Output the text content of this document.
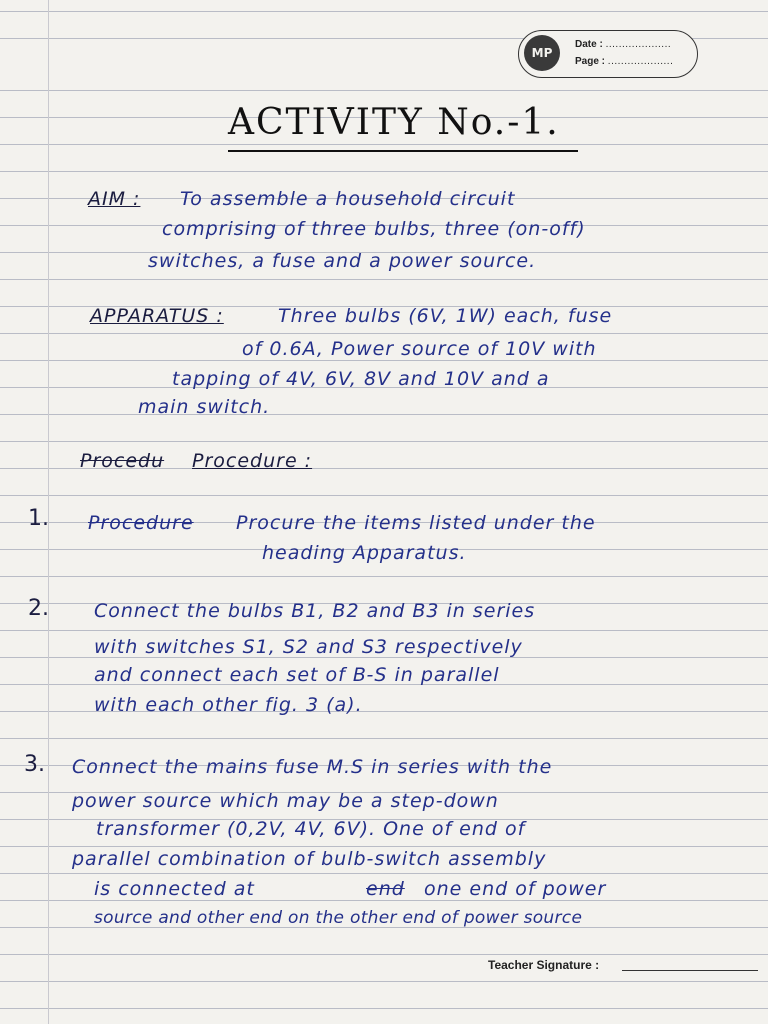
MP
Date : ....................
Page : ....................
ACTIVITY No.-1.
AIM : To assemble a household circuit
comprising of three bulbs, three (on-off)
switches, a fuse and a power source.
APPARATUS :	Three bulbs (6V, 1W) each, fuse
of 0.6A, Power source of 10V with
tapping of 4V, 6V, 8V and 10V and a
main switch.
Procedu Procedure :
1. Procedure Procure the items listed under the
heading Apparatus.
2. Connect the bulbs B1, B2 and B3 in series
with switches S1, S2 and S3 respectively
and connect each set of B-S in parallel
with each other fig. 3 (a).
3. Connect the mains fuse M.S in series with the
power source which may be a step-down
transformer (0,2V, 4V, 6V). One of end of
parallel combination of bulb-switch assembly
is connected at	end one end of power
source and other end on the other end of power source
Teacher Signature :
